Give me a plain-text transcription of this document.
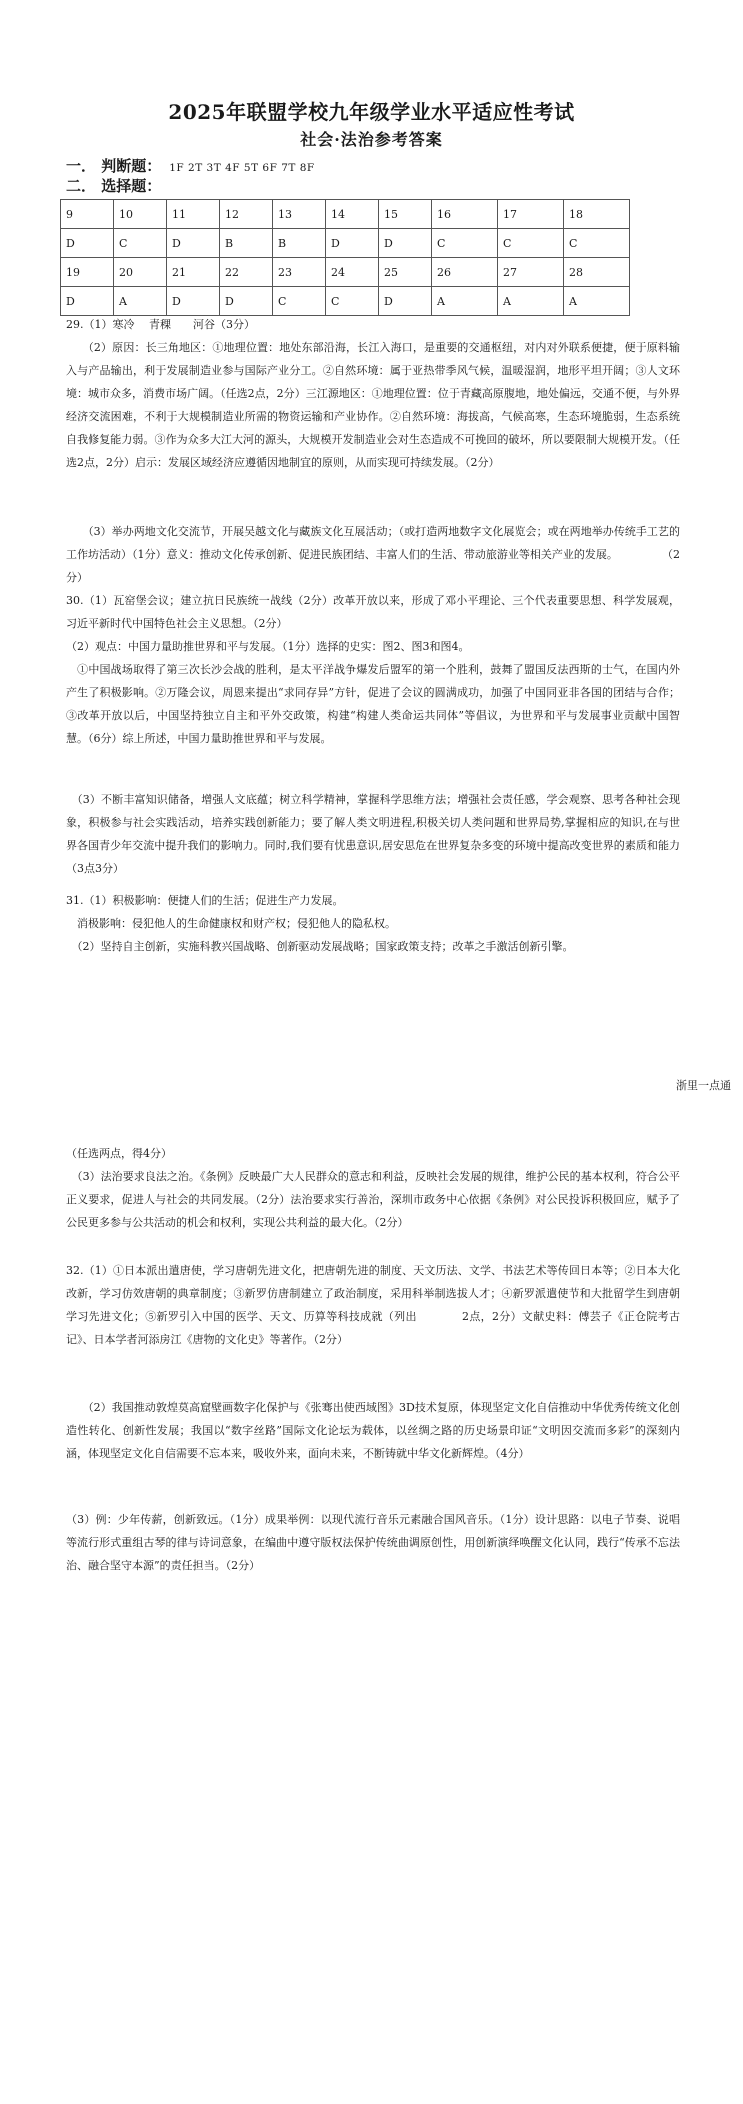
2025年联盟学校九年级学业水平适应性考试
社会·法治参考答案
一． 判断题： 1F 2T 3T 4F 5T 6F 7T 8F
二． 选择题：
9	10	11	12	13	14	15	16	17	18
D	C	D	B	B	D	D	C	C	C
19	20	21	22	23	24	25	26	27	28
D	A	D	D	C	C	D	A	A	A

29.（1）寒冷　 青稞　　河谷（3分）

　　（2）原因：长三角地区：①地理位置：地处东部沿海，长江入海口，是重要的交通枢纽，对内对外联系便捷，便于原料输入与产品输出，利于发展制造业参与国际产业分工。②自然环境：属于亚热带季风气候，温暖湿润，地形平坦开阔；③人文环境：城市众多，消费市场广阔。（任选2点，2分）三江源地区：①地理位置：位于青藏高原腹地，地处偏远，交通不便，与外界经济交流困难，不利于大规模制造业所需的物资运输和产业协作。②自然环境：海拔高，气候高寒，生态环境脆弱，生态系统自我修复能力弱。③作为众多大江大河的源头，大规模开发制造业会对生态造成不可挽回的破坏，所以要限制大规模开发。（任选2点，2分）启示：发展区域经济应遵循因地制宜的原则，从而实现可持续发展。（2分）

　　（3）举办两地文化交流节，开展吴越文化与藏族文化互展活动；（或打造两地数字文化展览会；或在两地举办传统手工艺的工作坊活动）（1分）意义：推动文化传承创新、促进民族团结、丰富人们的生活、带动旅游业等相关产业的发展。　　　　　（2分）

30.（1）瓦窑堡会议；建立抗日民族统一战线（2分）改革开放以来，形成了邓小平理论、三个代表重要思想、科学发展观，习近平新时代中国特色社会主义思想。（2分）

（2）观点：中国力量助推世界和平与发展。（1分）选择的史实：图2、图3和图4。

　①中国战场取得了第三次长沙会战的胜利，是太平洋战争爆发后盟军的第一个胜利，鼓舞了盟国反法西斯的士气，在国内外产生了积极影响。②万隆会议，周恩来提出“求同存异”方针，促进了会议的圆满成功，加强了中国同亚非各国的团结与合作；③改革开放以后，中国坚持独立自主和平外交政策，构建“构建人类命运共同体”等倡议，为世界和平与发展事业贡献中国智慧。（6分）综上所述，中国力量助推世界和平与发展。

　（3）不断丰富知识储备，增强人文底蕴；树立科学精神，掌握科学思维方法；增强社会责任感，学会观察、思考各种社会现象，积极参与社会实践活动，培养实践创新能力；要了解人类文明进程,积极关切人类问题和世界局势,掌握相应的知识,在与世界各国青少年交流中提升我们的影响力。同时,我们要有忧患意识,居安思危在世界复杂多变的环境中提高改变世界的素质和能力（3点3分）

31.（1）积极影响：便捷人们的生活；促进生产力发展。

　消极影响：侵犯他人的生命健康权和财产权；侵犯他人的隐私权。

　（2）坚持自主创新，实施科教兴国战略、创新驱动发展战略；国家政策支持；改革之手激活创新引擎。

浙里一点通

（任选两点，得4分）

　（3）法治要求良法之治。《条例》反映最广大人民群众的意志和利益，反映社会发展的规律，维护公民的基本权利，符合公平正义要求，促进人与社会的共同发展。（2分）法治要求实行善治，深圳市政务中心依据《条例》对公民投诉积极回应，赋予了公民更多参与公共活动的机会和权利，实现公共利益的最大化。（2分）

32.（1）①日本派出遣唐使，学习唐朝先进文化，把唐朝先进的制度、天文历法、文学、书法艺术等传回日本等；②日本大化改新，学习仿效唐朝的典章制度；③新罗仿唐制建立了政治制度，采用科举制选拔人才；④新罗派遣使节和大批留学生到唐朝学习先进文化；⑤新罗引入中国的医学、天文、历算等科技成就（列出　　　　2点，2分）文献史料：傅芸子《正仓院考古记》、日本学者河添房江《唐物的文化史》等著作。（2分）

　　（2）我国推动敦煌莫高窟壁画数字化保护与《张骞出使西域图》3D技术复原，体现坚定文化自信推动中华优秀传统文化创造性转化、创新性发展；我国以“数字丝路”国际文化论坛为载体，以丝绸之路的历史场景印证“文明因交流而多彩”的深刻内涵，体现坚定文化自信需要不忘本来，吸收外来，面向未来，不断铸就中华文化新辉煌。（4分）

（3）例：少年传薪，创新致远。（1分）成果举例：以现代流行音乐元素融合国风音乐。（1分）设计思路：以电子节奏、说唱等流行形式重组古琴的律与诗词意象，在编曲中遵守版权法保护传统曲调原创性，用创新演绎唤醒文化认同，践行“传承不忘法治、融合坚守本源”的责任担当。（2分）
